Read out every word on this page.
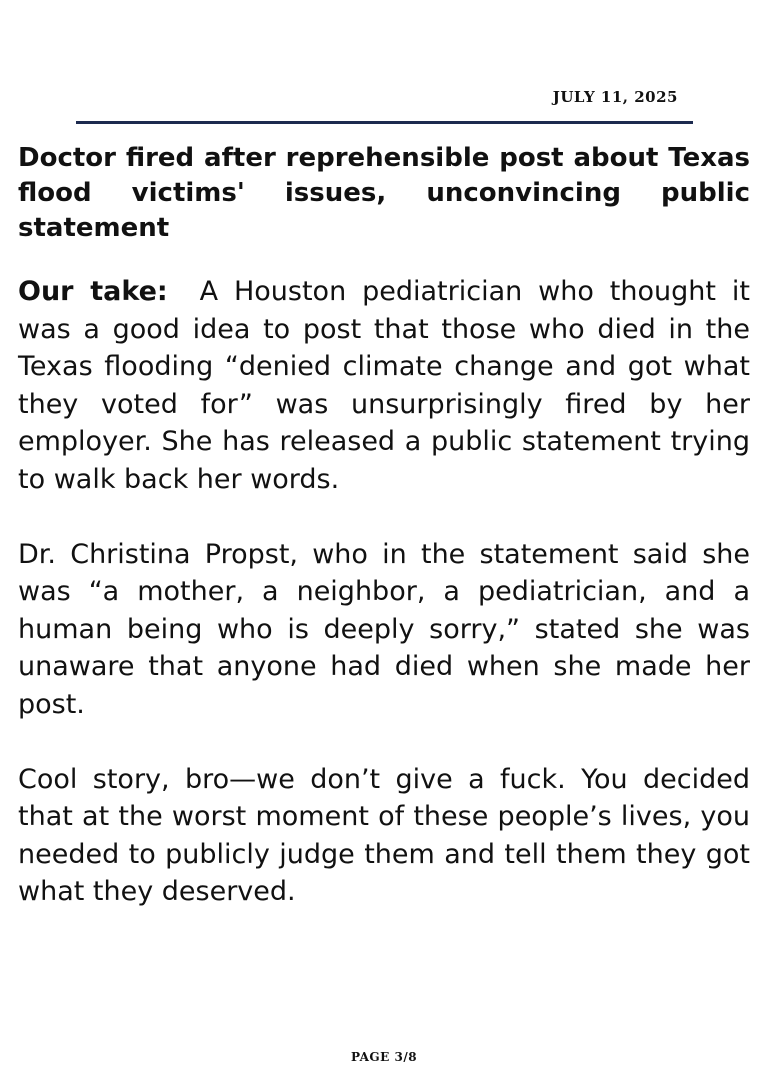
JULY 11, 2025
Doctor fired after reprehensible post about Texas flood victims' issues, unconvincing public statement

Our take: A Houston pediatrician who thought it was a good idea to post that those who died in the Texas flooding “denied climate change and got what they voted for” was unsurprisingly fired by her employer. She has released a public statement trying to walk back her words.

Dr. Christina Propst, who in the statement said she was “a mother, a neighbor, a pediatrician, and a human being who is deeply sorry,” stated she was unaware that anyone had died when she made her post.

Cool story, bro—we don’t give a fuck. You decided that at the worst moment of these people’s lives, you needed to publicly judge them and tell them they got what they deserved.

PAGE 3/8
